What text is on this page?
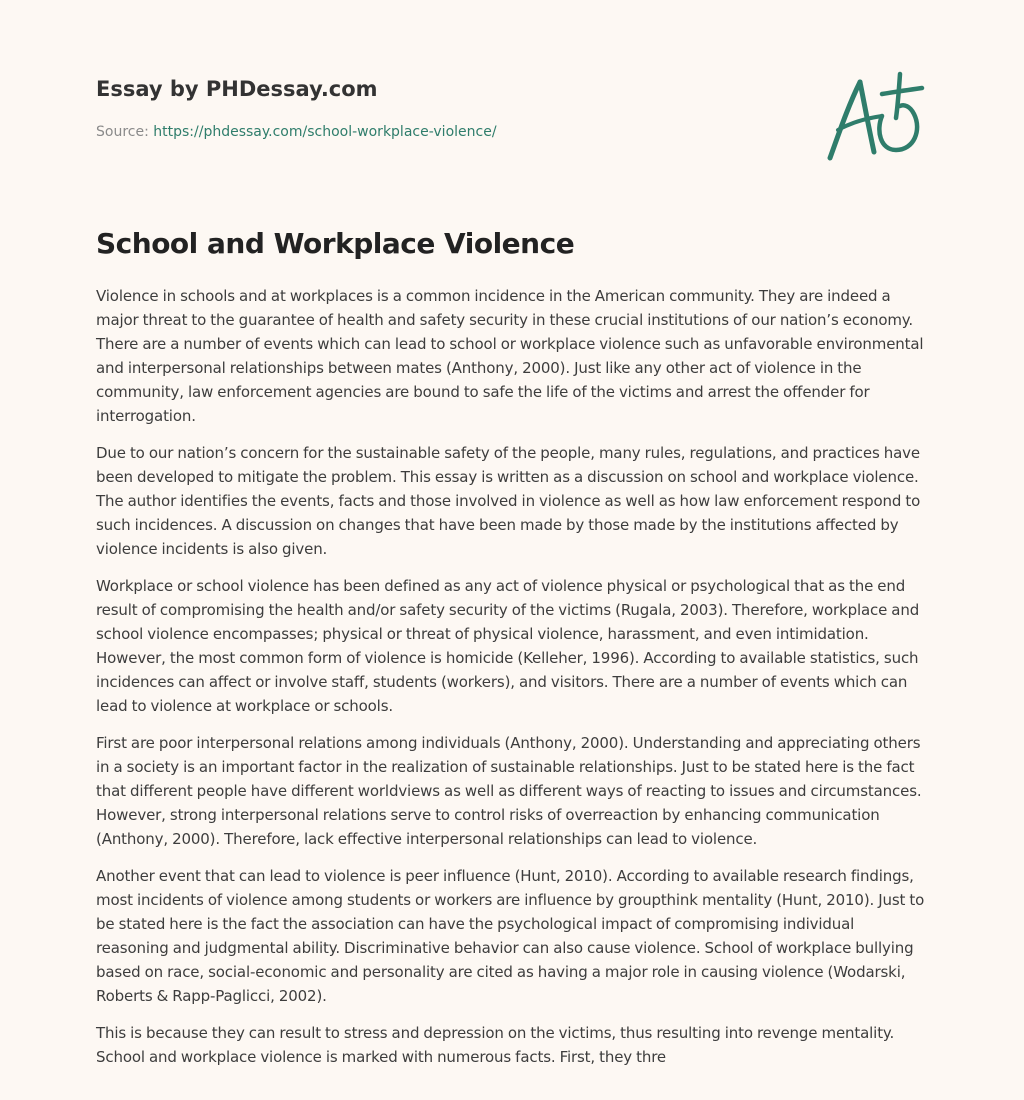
Essay by PHDessay.com
Source: https://phdessay.com/school-workplace-violence/
School and Workplace Violence

Violence in schools and at workplaces is a common incidence in the American community. They are indeed a major threat to the guarantee of health and safety security in these crucial institutions of our nation’s economy. There are a number of events which can lead to school or workplace violence such as unfavorable environmental and interpersonal relationships between mates (Anthony, 2000). Just like any other act of violence in the community, law enforcement agencies are bound to safe the life of the victims and arrest the offender for interrogation.

Due to our nation’s concern for the sustainable safety of the people, many rules, regulations, and practices have been developed to mitigate the problem. This essay is written as a discussion on school and workplace violence. The author identifies the events, facts and those involved in violence as well as how law enforcement respond to such incidences. A discussion on changes that have been made by those made by the institutions affected by violence incidents is also given.

Workplace or school violence has been defined as any act of violence physical or psychological that as the end result of compromising the health and/or safety security of the victims (Rugala, 2003). Therefore, workplace and school violence encompasses; physical or threat of physical violence, harassment, and even intimidation. However, the most common form of violence is homicide (Kelleher, 1996). According to available statistics, such incidences can affect or involve staff, students (workers), and visitors. There are a number of events which can lead to violence at workplace or schools.

First are poor interpersonal relations among individuals (Anthony, 2000). Understanding and appreciating others in a society is an important factor in the realization of sustainable relationships. Just to be stated here is the fact that different people have different worldviews as well as different ways of reacting to issues and circumstances. However, strong interpersonal relations serve to control risks of overreaction by enhancing communication (Anthony, 2000). Therefore, lack effective interpersonal relationships can lead to violence.

Another event that can lead to violence is peer influence (Hunt, 2010). According to available research findings, most incidents of violence among students or workers are influence by groupthink mentality (Hunt, 2010). Just to be stated here is the fact the association can have the psychological impact of compromising individual reasoning and judgmental ability. Discriminative behavior can also cause violence. School of workplace bullying based on race, social-economic and personality are cited as having a major role in causing violence (Wodarski, Roberts & Rapp-Paglicci, 2002).

This is because they can result to stress and depression on the victims, thus resulting into revenge mentality. School and workplace violence is marked with numerous facts. First, they thre
